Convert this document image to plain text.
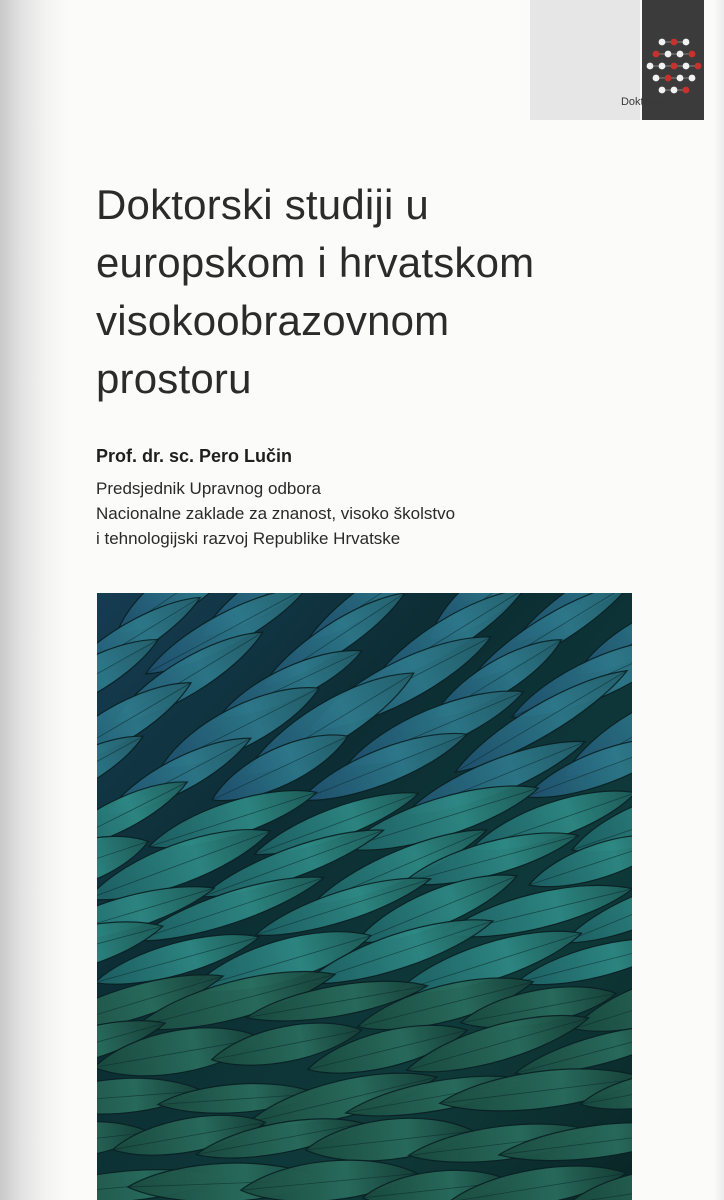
Doktorski studiji
Doktorski studiji u
europskom i hrvatskom
visokoobrazovnom
prostoru

Prof. dr. sc. Pero Lučin

Predsjednik Upravnog odbora
Nacionalne zaklade za znanost, visoko školstvo
i tehnologijski razvoj Republike Hrvatske
